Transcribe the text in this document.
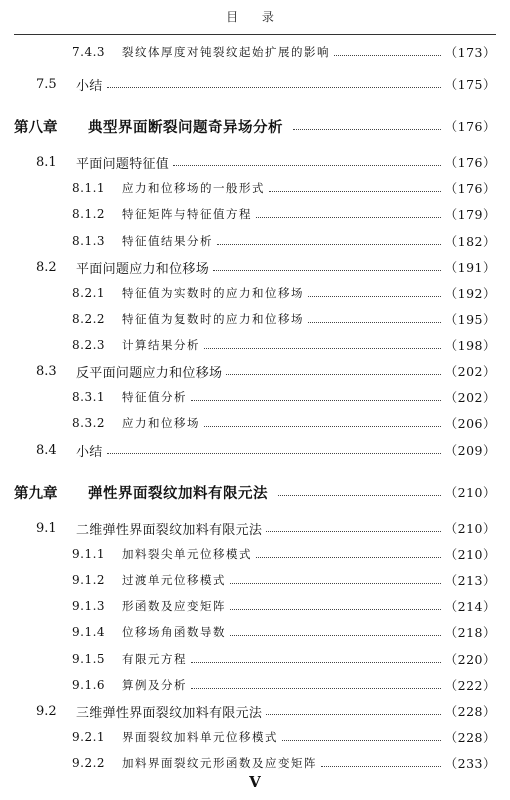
目 录
7.4.3	裂纹体厚度对钝裂纹起始扩展的影响	（173）
7.5	小结	（175）
第八章	典型界面断裂问题奇异场分析	（176）
8.1	平面问题特征值	（176）
8.1.1	应力和位移场的一般形式	（176）
8.1.2	特征矩阵与特征值方程	（179）
8.1.3	特征值结果分析	（182）
8.2	平面问题应力和位移场	（191）
8.2.1	特征值为实数时的应力和位移场	（192）
8.2.2	特征值为复数时的应力和位移场	（195）
8.2.3	计算结果分析	（198）
8.3	反平面问题应力和位移场	（202）
8.3.1	特征值分析	（202）
8.3.2	应力和位移场	（206）
8.4	小结	（209）
第九章	弹性界面裂纹加料有限元法	（210）
9.1	二维弹性界面裂纹加料有限元法	（210）
9.1.1	加料裂尖单元位移模式	（210）
9.1.2	过渡单元位移模式	（213）
9.1.3	形函数及应变矩阵	（214）
9.1.4	位移场角函数导数	（218）
9.1.5	有限元方程	（220）
9.1.6	算例及分析	（222）
9.2	三维弹性界面裂纹加料有限元法	（228）
9.2.1	界面裂纹加料单元位移模式	（228）
9.2.2	加料界面裂纹元形函数及应变矩阵	（233）
V
